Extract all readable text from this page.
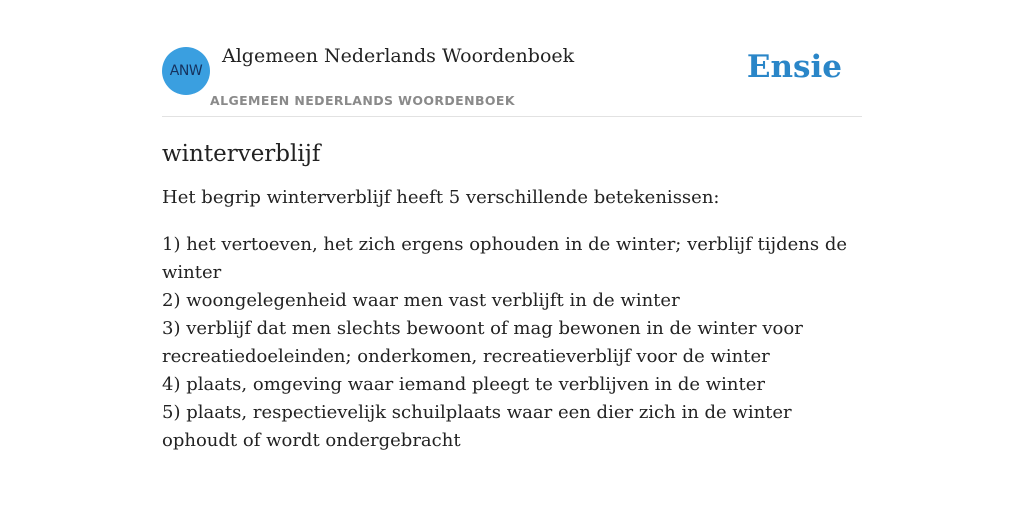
ANW
Algemeen Nederlands Woordenboek
ALGEMEEN NEDERLANDS WOORDENBOEK
Ensie
winterverblijf

Het begrip winterverblijf heeft 5 verschillende betekenissen:

1) het vertoeven, het zich ergens ophouden in de winter; verblijf tijdens de winter
2) woongelegenheid waar men vast verblijft in de winter
3) verblijf dat men slechts bewoont of mag bewonen in de winter voor recreatiedoeleinden; onderkomen, recreatieverblijf voor de winter
4) plaats, omgeving waar iemand pleegt te verblijven in de winter
5) plaats, respectievelijk schuilplaats waar een dier zich in de winter ophoudt of wordt ondergebracht
